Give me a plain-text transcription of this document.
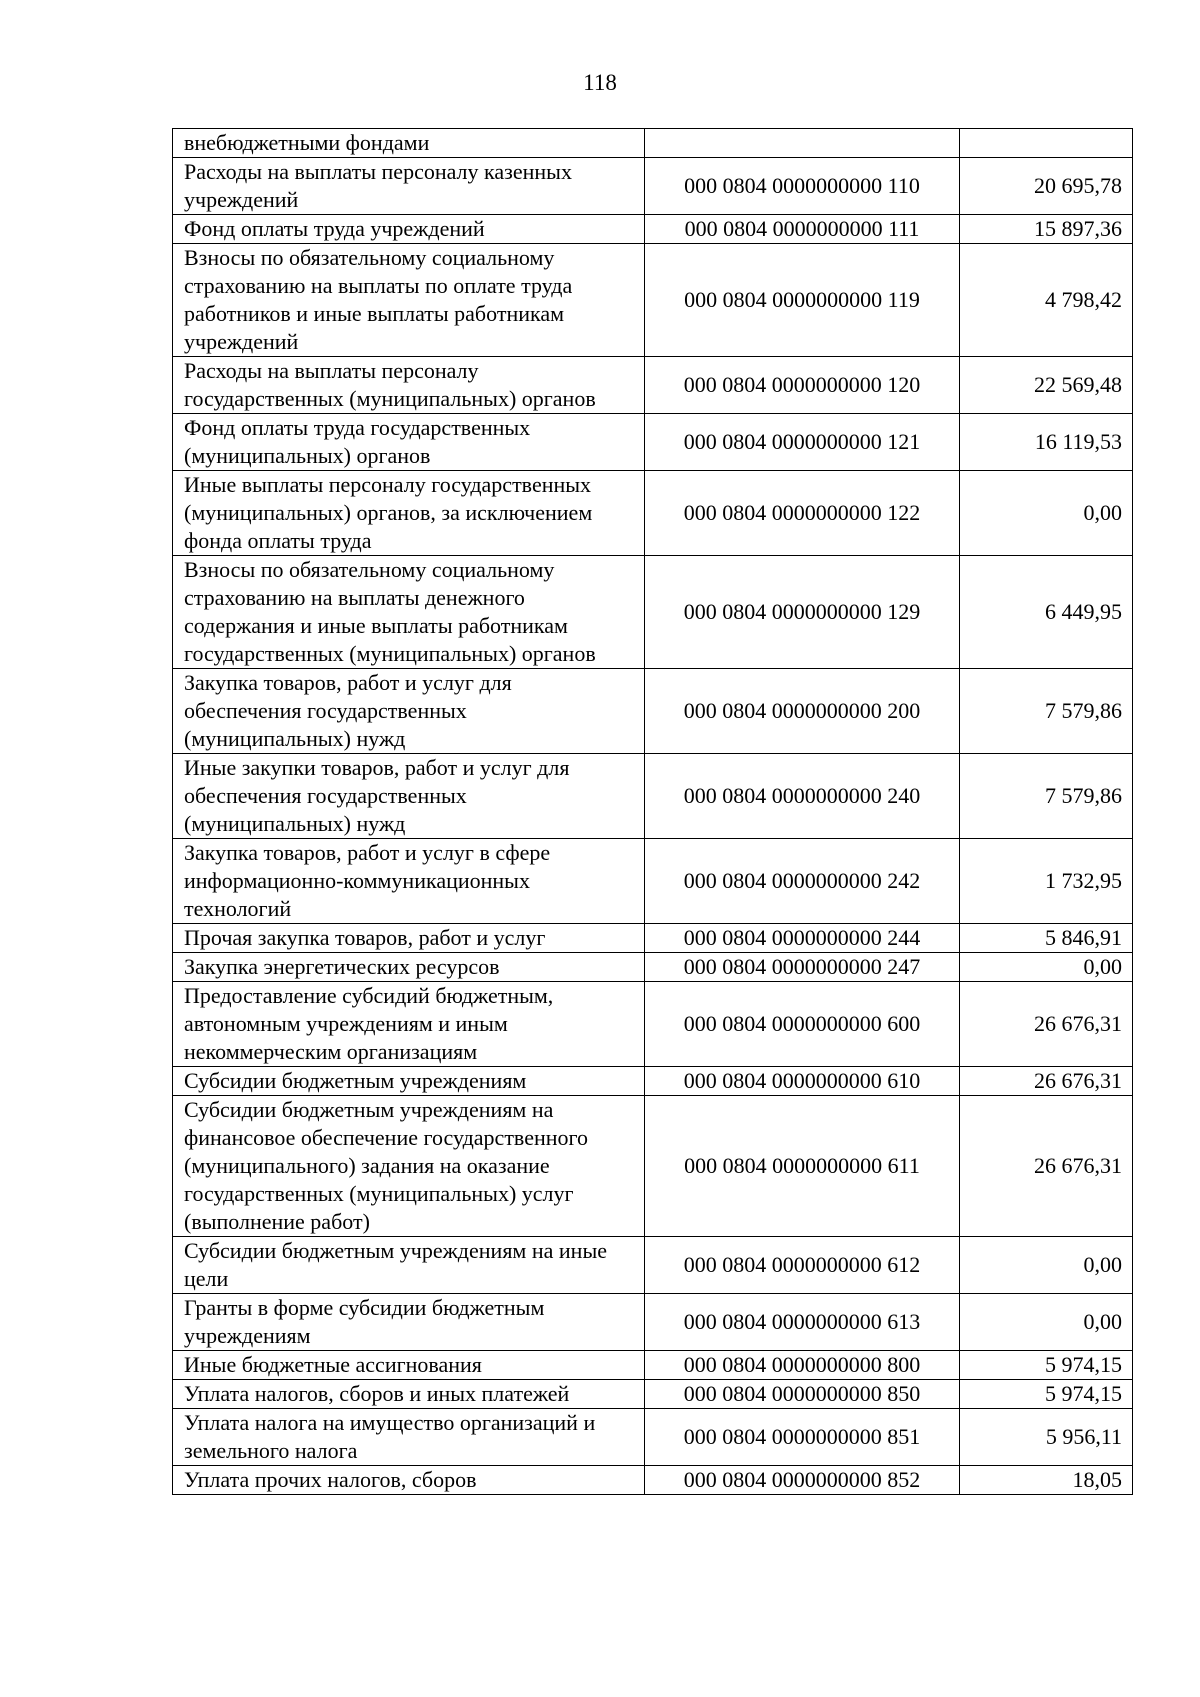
118
внебюджетными фондами		
Расходы на выплаты персоналу казенных учреждений	000 0804 0000000000 110	20 695,78
Фонд оплаты труда учреждений	000 0804 0000000000 111	15 897,36
Взносы по обязательному социальному страхованию на выплаты по оплате труда работников и иные выплаты работникам учреждений	000 0804 0000000000 119	4 798,42
Расходы на выплаты персоналу государственных (муниципальных) органов	000 0804 0000000000 120	22 569,48
Фонд оплаты труда государственных (муниципальных) органов	000 0804 0000000000 121	16 119,53
Иные выплаты персоналу государственных (муниципальных) органов, за исключением фонда оплаты труда	000 0804 0000000000 122	0,00
Взносы по обязательному социальному страхованию на выплаты денежного содержания и иные выплаты работникам государственных (муниципальных) органов	000 0804 0000000000 129	6 449,95
Закупка товаров, работ и услуг для обеспечения государственных (муниципальных) нужд	000 0804 0000000000 200	7 579,86
Иные закупки товаров, работ и услуг для обеспечения государственных (муниципальных) нужд	000 0804 0000000000 240	7 579,86
Закупка товаров, работ и услуг в сфере информационно-коммуникационных технологий	000 0804 0000000000 242	1 732,95
Прочая закупка товаров, работ и услуг	000 0804 0000000000 244	5 846,91
Закупка энергетических ресурсов	000 0804 0000000000 247	0,00
Предоставление субсидий бюджетным, автономным учреждениям и иным некоммерческим организациям	000 0804 0000000000 600	26 676,31
Субсидии бюджетным учреждениям	000 0804 0000000000 610	26 676,31
Субсидии бюджетным учреждениям на финансовое обеспечение государственного (муниципального) задания на оказание государственных (муниципальных) услуг (выполнение работ)	000 0804 0000000000 611	26 676,31
Субсидии бюджетным учреждениям на иные цели	000 0804 0000000000 612	0,00
Гранты в форме субсидии бюджетным учреждениям	000 0804 0000000000 613	0,00
Иные бюджетные ассигнования	000 0804 0000000000 800	5 974,15
Уплата налогов, сборов и иных платежей	000 0804 0000000000 850	5 974,15
Уплата налога на имущество организаций и земельного налога	000 0804 0000000000 851	5 956,11
Уплата прочих налогов, сборов	000 0804 0000000000 852	18,05
